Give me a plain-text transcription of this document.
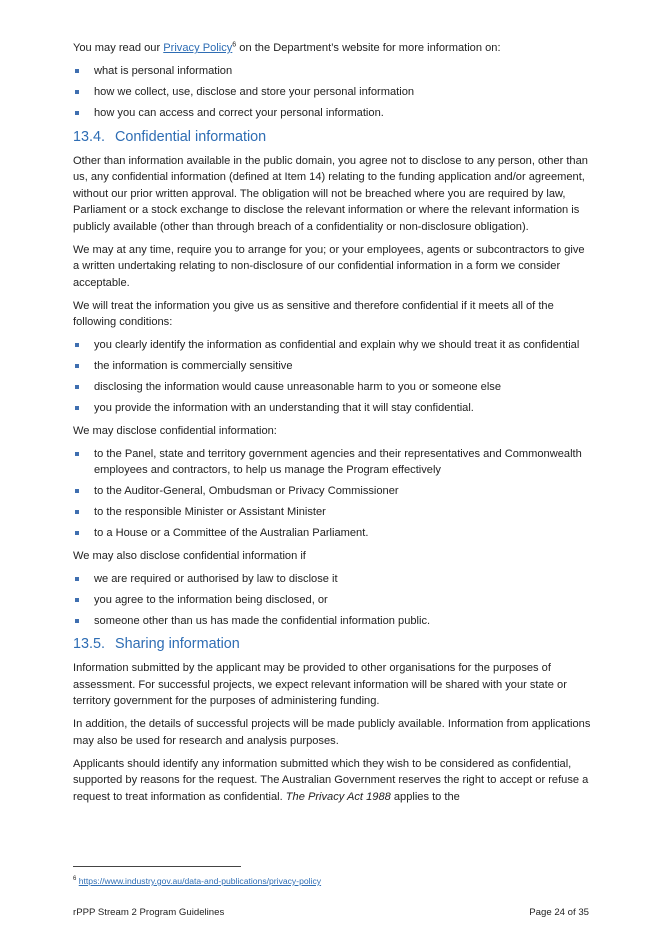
You may read our Privacy Policy$^6$ on the Department’s website for more information on:

what is personal information
how we collect, use, disclose and store your personal information
how you can access and correct your personal information.
13.4. Confidential information

Other than information available in the public domain, you agree not to disclose to any person, other than us, any confidential information (defined at Item 14) relating to the funding application and/or agreement, without our prior written approval. The obligation will not be breached where you are required by law, Parliament or a stock exchange to disclose the relevant information or where the relevant information is publicly available (other than through breach of a confidentiality or non-disclosure obligation).

We may at any time, require you to arrange for you; or your employees, agents or subcontractors to give a written undertaking relating to non-disclosure of our confidential information in a form we consider acceptable.

We will treat the information you give us as sensitive and therefore confidential if it meets all of the following conditions:

you clearly identify the information as confidential and explain why we should treat it as confidential
the information is commercially sensitive
disclosing the information would cause unreasonable harm to you or someone else
you provide the information with an understanding that it will stay confidential.

We may disclose confidential information:

to the Panel, state and territory government agencies and their representatives and Commonwealth employees and contractors, to help us manage the Program effectively
to the Auditor-General, Ombudsman or Privacy Commissioner
to the responsible Minister or Assistant Minister
to a House or a Committee of the Australian Parliament.

We may also disclose confidential information if

we are required or authorised by law to disclose it
you agree to the information being disclosed, or
someone other than us has made the confidential information public.
13.5. Sharing information

Information submitted by the applicant may be provided to other organisations for the purposes of assessment. For successful projects, we expect relevant information will be shared with your state or territory government for the purposes of administering funding.

In addition, the details of successful projects will be made publicly available. Information from applications may also be used for research and analysis purposes.

Applicants should identify any information submitted which they wish to be considered as confidential, supported by reasons for the request. The Australian Government reserves the right to accept or refuse a request to treat information as confidential. The Privacy Act 1988 applies to the

$^6$ https://www.industry.gov.au/data-and-publications/privacy-policy
rPPP Stream 2 Program Guidelines	Page 24 of 35
